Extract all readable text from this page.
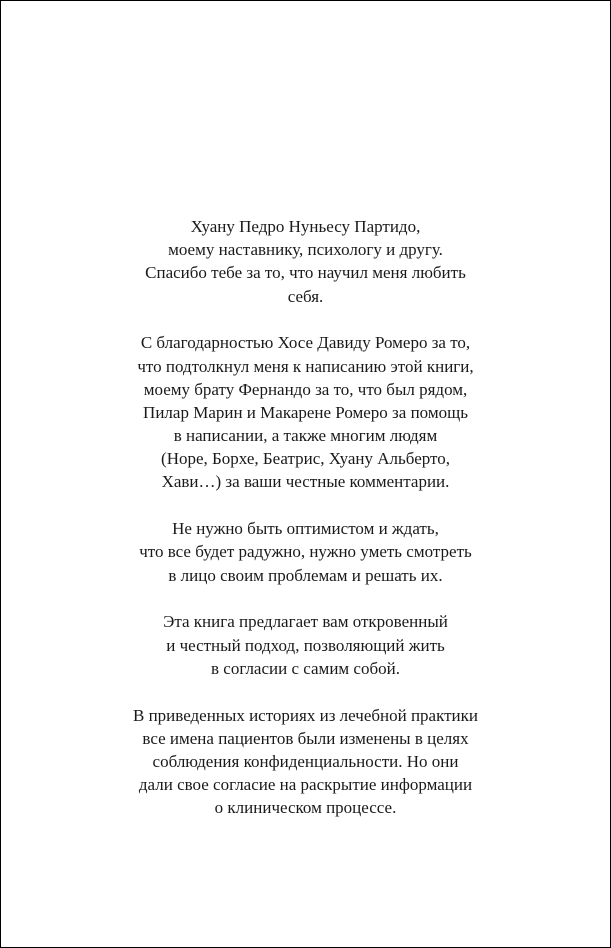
Хуану Педро Нуньесу Партидо,
моему наставнику, психологу и другу.
Спасибо тебе за то, что научил меня любить
себя.

С благодарностью Хосе Давиду Ромеро за то,
что подтолкнул меня к написанию этой книги,
моему брату Фернандо за то, что был рядом,
Пилар Марин и Макарене Ромеро за помощь
в написании, а также многим людям
(Норе, Борхе, Беатрис, Хуану Альберто,
Хави…) за ваши честные комментарии.

Не нужно быть оптимистом и ждать,
что все будет радужно, нужно уметь смотреть
в лицо своим проблемам и решать их.

Эта книга предлагает вам откровенный
и честный подход, позволяющий жить
в согласии с самим собой.

В приведенных историях из лечебной практики
все имена пациентов были изменены в целях
соблюдения конфиденциальности. Но они
дали свое согласие на раскрытие информации
о клиническом процессе.
